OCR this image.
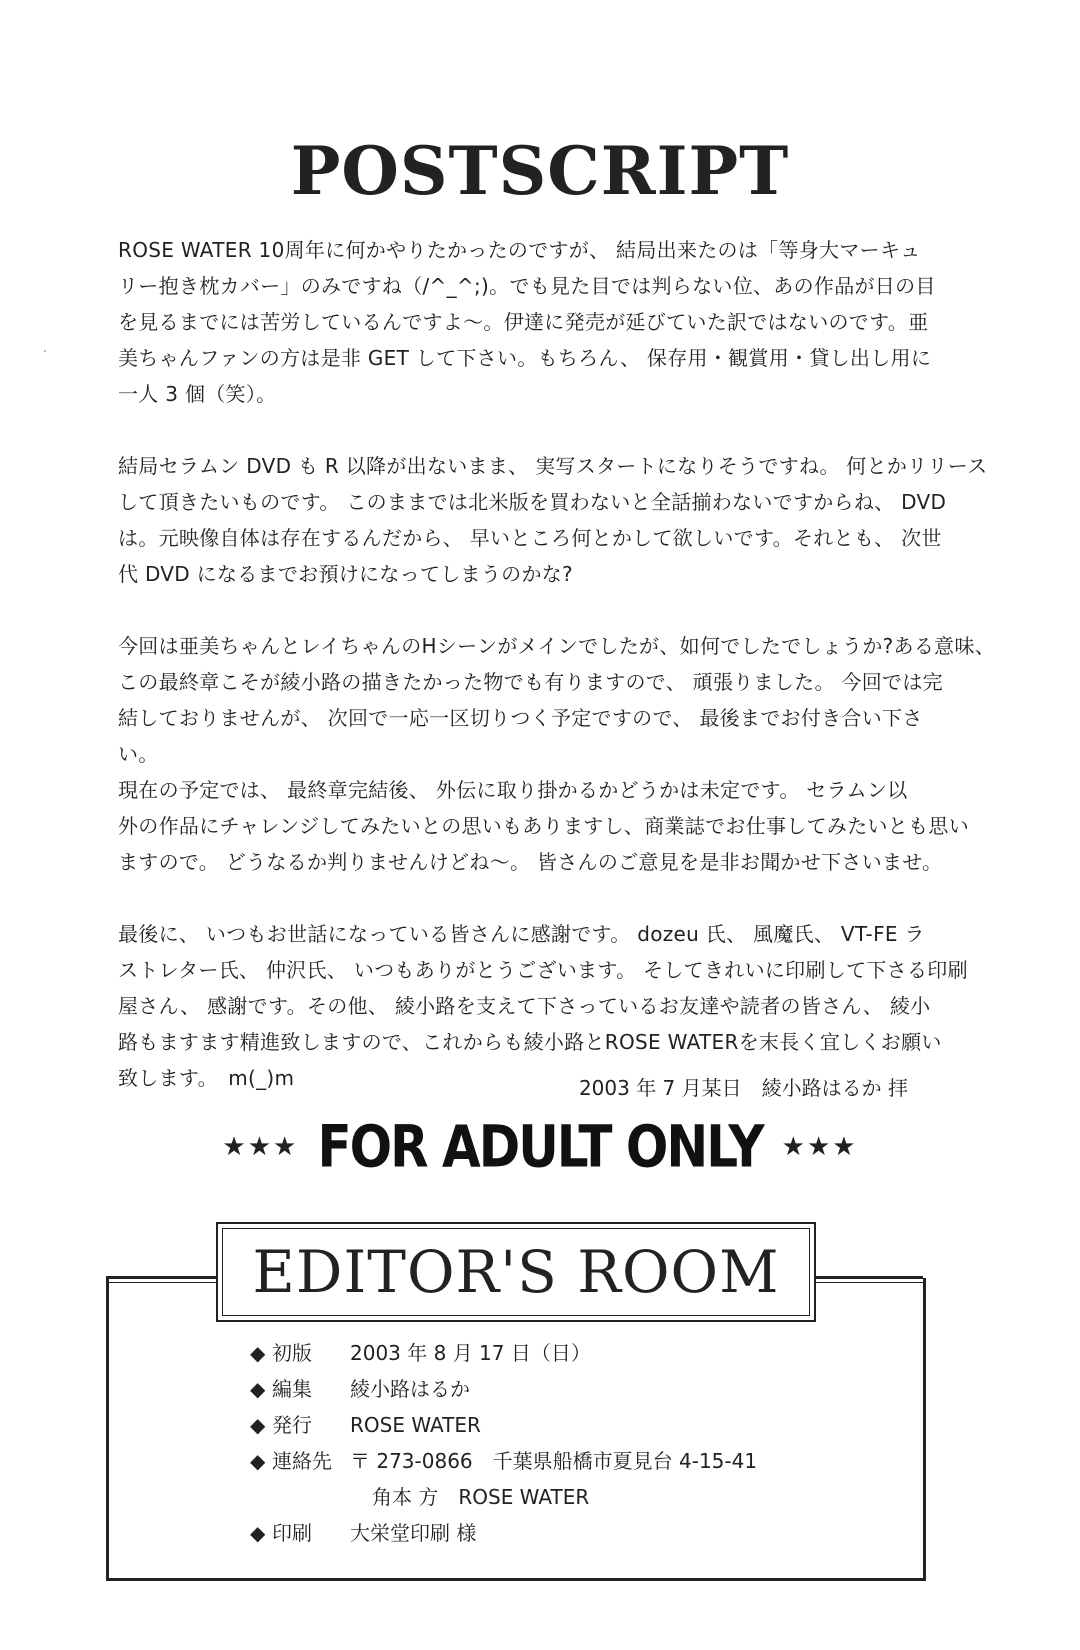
POSTSCRIPT

ROSE WATER 10周年に何かやりたかったのですが、 結局出来たのは「等身大マーキュ

リー抱き枕カバー」のみですね（/^_^;)。でも見た目では判らない位、あの作品が日の目

を見るまでには苦労しているんですよ～。伊達に発売が延びていた訳ではないのです。亜

美ちゃんファンの方は是非 GET して下さい。もちろん、 保存用・観賞用・貸し出し用に

一人 3 個（笑）。

結局セラムン DVD も R 以降が出ないまま、 実写スタートになりそうですね。 何とかリリース

して頂きたいものです。 このままでは北米版を買わないと全話揃わないですからね、 DVD

は。元映像自体は存在するんだから、 早いところ何とかして欲しいです。それとも、 次世

代 DVD になるまでお預けになってしまうのかな?

今回は亜美ちゃんとレイちゃんのHシーンがメインでしたが、如何でしたでしょうか?ある意味、

この最終章こそが綾小路の描きたかった物でも有りますので、 頑張りました。 今回では完

結しておりませんが、 次回で一応一区切りつく予定ですので、 最後までお付き合い下さ

い。

現在の予定では、 最終章完結後、 外伝に取り掛かるかどうかは未定です。 セラムン以

外の作品にチャレンジしてみたいとの思いもありますし、商業誌でお仕事してみたいとも思い

ますので。 どうなるか判りませんけどね～。 皆さんのご意見を是非お聞かせ下さいませ。

最後に、 いつもお世話になっている皆さんに感謝です。 dozeu 氏、 風魔氏、 VT-FE ラ

ストレター氏、 仲沢氏、 いつもありがとうございます。 そしてきれいに印刷して下さる印刷

屋さん、 感謝です。その他、 綾小路を支えて下さっているお友達や読者の皆さん、 綾小

路もますます精進致しますので、これからも綾小路とROSE WATERを末長く宜しくお願い

致します。　m(_)m	2003 年 7 月某日　綾小路はるか 拝
★★★ FOR ADULT ONLY ★★★
EDITOR'S ROOM
◆ 初版 2003 年 8 月 17 日（日）
◆ 編集 綾小路はるか
◆ 発行 ROSE WATER
◆ 連絡先 〒 273-0866　千葉県船橋市夏見台 4-15-41
角本 方　ROSE WATER
◆ 印刷 大栄堂印刷 様
